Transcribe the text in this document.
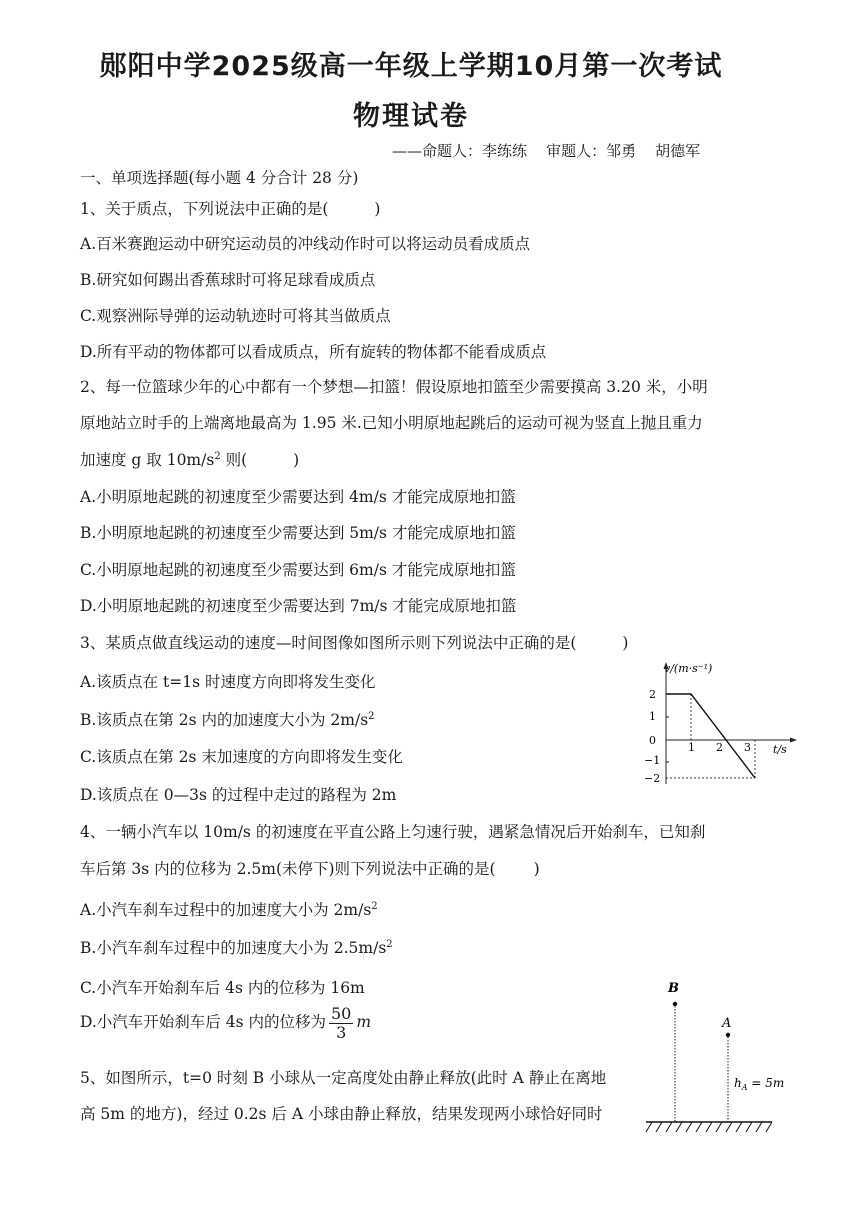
郧阳中学2025级高一年级上学期10月第一次考试
物理试卷
——命题人：李练练    审题人：邹勇    胡德军
一、单项选择题(每小题 4 分合计 28 分)
1、关于质点，下列说法中正确的是(	)
A.百米赛跑运动中研究运动员的冲线动作时可以将运动员看成质点
B.研究如何踢出香蕉球时可将足球看成质点
C.观察洲际导弹的运动轨迹时可将其当做质点
D.所有平动的物体都可以看成质点，所有旋转的物体都不能看成质点
2、每一位篮球少年的心中都有一个梦想—扣篮！假设原地扣篮至少需要摸高 3.20 米，小明
原地站立时手的上端离地最高为 1.95 米.已知小明原地起跳后的运动可视为竖直上抛且重力
加速度 g 取 $10m/s^2$ 则(	)
A.小明原地起跳的初速度至少需要达到 4m/s 才能完成原地扣篮
B.小明原地起跳的初速度至少需要达到 5m/s 才能完成原地扣篮
C.小明原地起跳的初速度至少需要达到 6m/s 才能完成原地扣篮
D.小明原地起跳的初速度至少需要达到 7m/s 才能完成原地扣篮
3、某质点做直线运动的速度—时间图像如图所示则下列说法中正确的是(	)
A.该质点在 t=1s 时速度方向即将发生变化
B.该质点在第 2s 内的加速度大小为 $2m/s^2$
C.该质点在第 2s 末加速度的方向即将发生变化
D.该质点在 0—3s 的过程中走过的路程为 2m
v/(m·s⁻¹)
t/s
2
1
0
−1
−2
1 2 3
4、一辆小汽车以 10m/s 的初速度在平直公路上匀速行驶，遇紧急情况后开始刹车，已知刹
车后第 3s 内的位移为 2.5m(未停下)则下列说法中正确的是( )
A.小汽车刹车过程中的加速度大小为 $2m/s^2$
B.小汽车刹车过程中的加速度大小为 $2.5m/s^2$
C.小汽车开始刹车后 4s 内的位移为 16m
D.小汽车开始刹车后 4s 内的位移为 $\frac{50}{3}$ m
5、如图所示，t=0 时刻 B 小球从一定高度处由静止释放(此时 A 静止在离地
高 5m 的地方)，经过 0.2s 后 A 小球由静止释放，结果发现两小球恰好同时
B
A
$h_A = 5m$
